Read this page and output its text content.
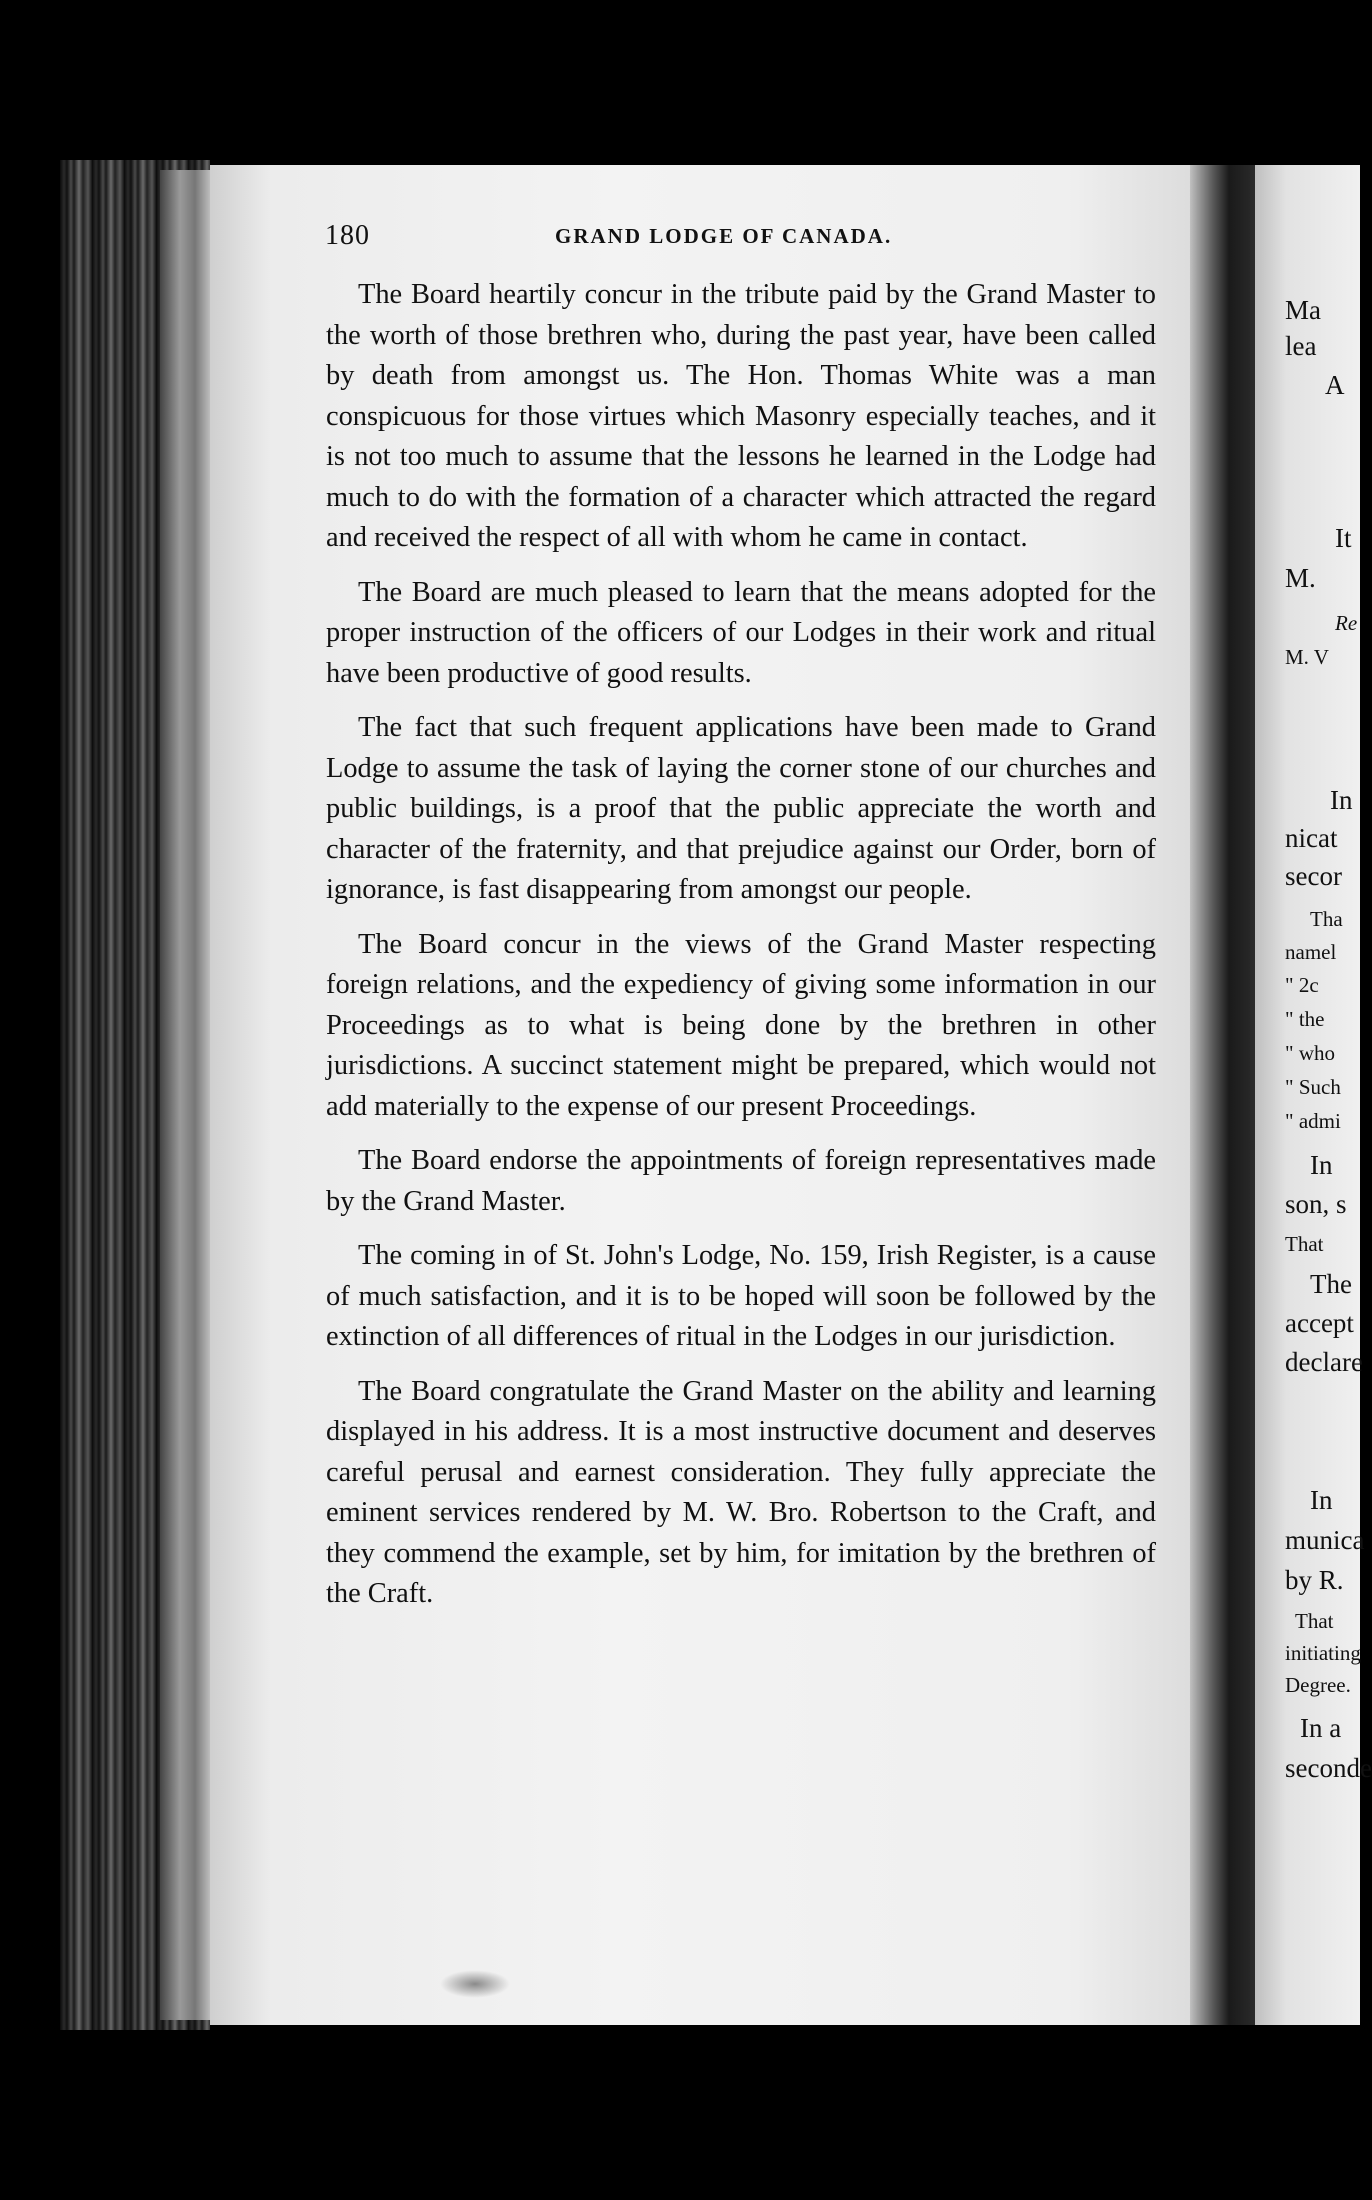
180	GRAND LODGE OF CANADA.

The Board heartily concur in the tribute paid by the Grand Master to the worth of those brethren who, during the past year, have been called by death from amongst us. The Hon. Thomas White was a man conspicuous for those virtues which Masonry especially teaches, and it is not too much to assume that the lessons he learned in the Lodge had much to do with the formation of a character which attracted the regard and received the respect of all with whom he came in contact.

The Board are much pleased to learn that the means adopted for the proper instruction of the officers of our Lodges in their work and ritual have been productive of good results.

The fact that such frequent applications have been made to Grand Lodge to assume the task of laying the corner stone of our churches and public buildings, is a proof that the public appreciate the worth and character of the fraternity, and that prejudice against our Order, born of ignorance, is fast disappearing from amongst our people.

The Board concur in the views of the Grand Master respecting foreign relations, and the expediency of giving some information in our Proceedings as to what is being done by the brethren in other jurisdictions. A succinct statement might be prepared, which would not add materially to the expense of our present Proceedings.

The Board endorse the appointments of foreign representatives made by the Grand Master.

The coming in of St. John's Lodge, No. 159, Irish Register, is a cause of much satisfaction, and it is to be hoped will soon be followed by the extinction of all differences of ritual in the Lodges in our jurisdiction.

The Board congratulate the Grand Master on the ability and learning displayed in his address. It is a most instructive document and deserves careful perusal and earnest consideration. They fully appreciate the eminent services rendered by M. W. Bro. Robertson to the Craft, and they commend the example, set by him, for imitation by the brethren of the Craft.

Ma
lea
A
It
M.
Re
M. V
In
nicat
secor
Tha
namel
" 2c
" the
" who
" Such
" admi
In
son, s
That
The
accept
declare
In
munica
by R.
That
initiating
Degree.
In a
seconde
